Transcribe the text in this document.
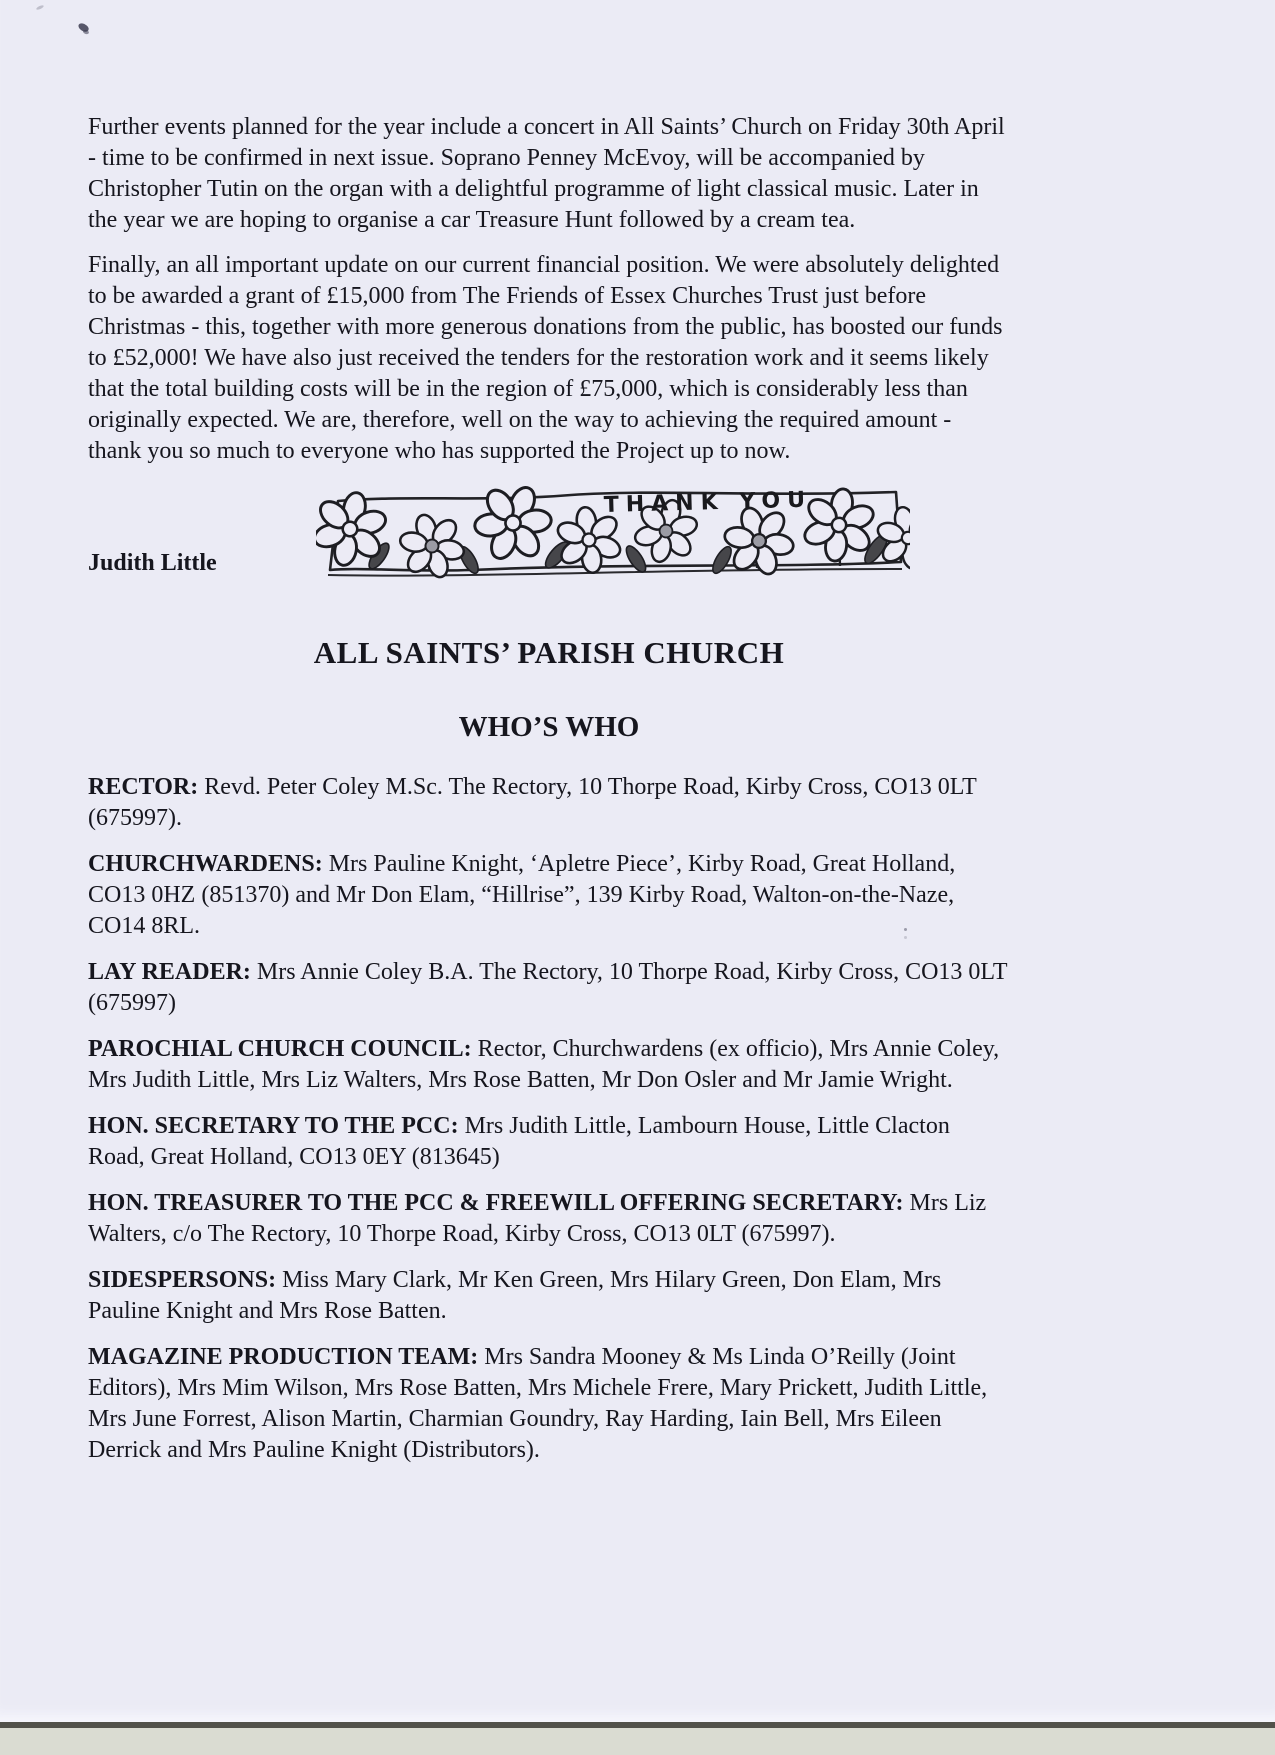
Further events planned for the year include a concert in All Saints’ Church on Friday 30th April - time to be confirmed in next issue. Soprano Penney McEvoy, will be accompanied by Christopher Tutin on the organ with a delightful programme of light classical music. Later in the year we are hoping to organise a car Treasure Hunt followed by a cream tea.

Finally, an all important update on our current financial position. We were absolutely delighted to be awarded a grant of £15,000 from The Friends of Essex Churches Trust just before Christmas - this, together with more generous donations from the public, has boosted our funds to £52,000! We have also just received the tenders for the restoration work and it seems likely that the total building costs will be in the region of £75,000, which is considerably less than originally expected. We are, therefore, well on the way to achieving the required amount - thank you so much to everyone who has supported the Project up to now.

Judith Little
THANK YOU
ALL SAINTS’ PARISH CHURCH
WHO’S WHO

RECTOR: Revd. Peter Coley M.Sc. The Rectory, 10 Thorpe Road, Kirby Cross, CO13 0LT (675997).

CHURCHWARDENS: Mrs Pauline Knight, ‘Apletre Piece’, Kirby Road, Great Holland, CO13 0HZ (851370) and Mr Don Elam, “Hillrise”, 139 Kirby Road, Walton-on-the-Naze, CO14 8RL.

LAY READER: Mrs Annie Coley B.A. The Rectory, 10 Thorpe Road, Kirby Cross, CO13 0LT (675997)

PAROCHIAL CHURCH COUNCIL: Rector, Churchwardens (ex officio), Mrs Annie Coley, Mrs Judith Little, Mrs Liz Walters, Mrs Rose Batten, Mr Don Osler and Mr Jamie Wright.

HON. SECRETARY TO THE PCC: Mrs Judith Little, Lambourn House, Little Clacton Road, Great Holland, CO13 0EY (813645)

HON. TREASURER TO THE PCC & FREEWILL OFFERING SECRETARY: Mrs Liz Walters, c/o The Rectory, 10 Thorpe Road, Kirby Cross, CO13 0LT (675997).

SIDESPERSONS: Miss Mary Clark, Mr Ken Green, Mrs Hilary Green, Don Elam, Mrs Pauline Knight and Mrs Rose Batten.

MAGAZINE PRODUCTION TEAM: Mrs Sandra Mooney & Ms Linda O’Reilly (Joint Editors), Mrs Mim Wilson, Mrs Rose Batten, Mrs Michele Frere, Mary Prickett, Judith Little, Mrs June Forrest, Alison Martin, Charmian Goundry, Ray Harding, Iain Bell, Mrs Eileen Derrick and Mrs Pauline Knight (Distributors).
